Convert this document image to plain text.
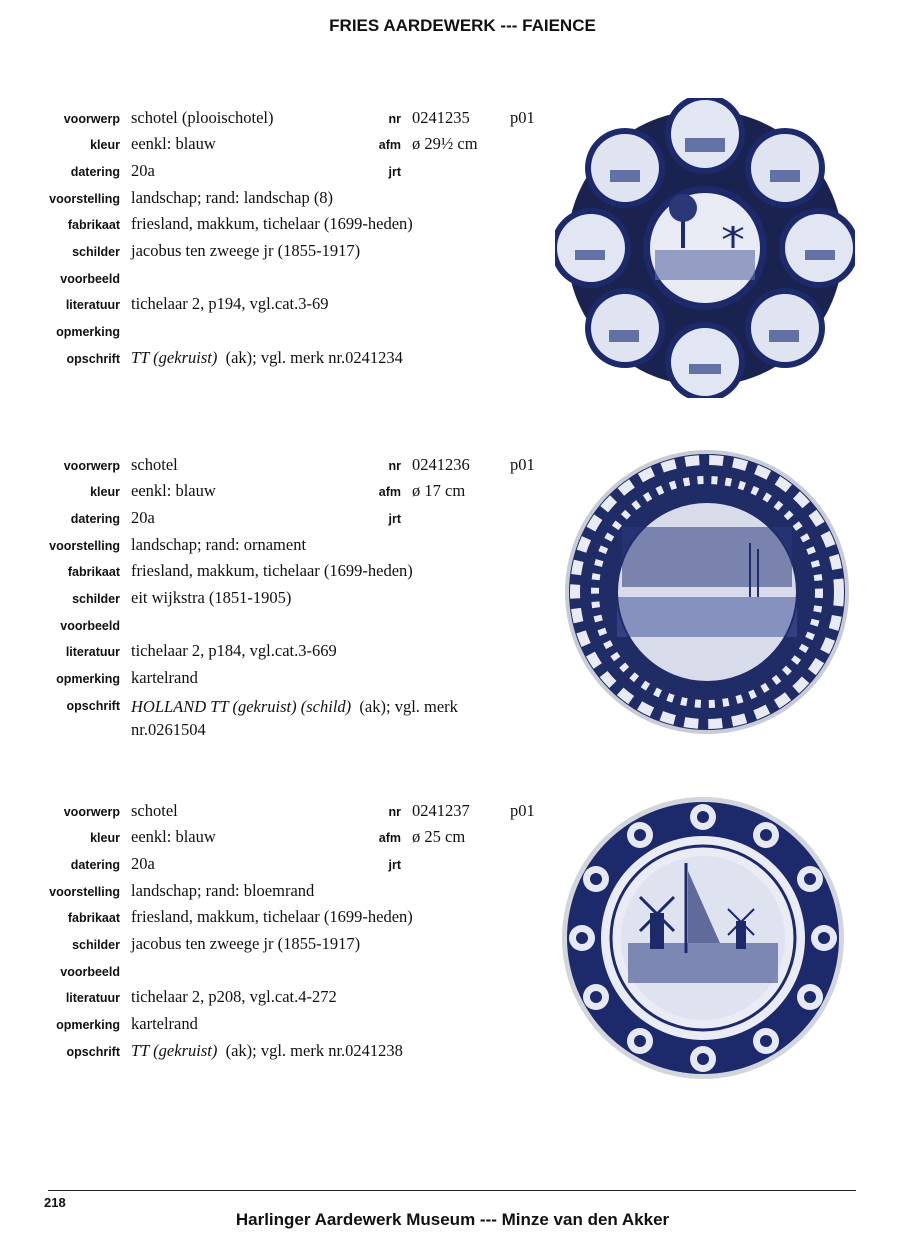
FRIES AARDEWERK --- FAIENCE
voorwerp schotel (plooischotel)	nr 0241235 p01
kleur eenkl: blauw	afm ø 29½ cm
datering 20a	jrt
voorstelling landschap; rand: landschap (8)
fabrikaat friesland, makkum, tichelaar (1699-heden)
schilder jacobus ten zweege jr (1855-1917)
voorbeeld
literatuur tichelaar 2, p194, vgl.cat.3-69
opmerking
opschrift TT (gekruist) (ak); vgl. merk nr.0241234
voorwerp schotel	nr 0241236 p01
kleur eenkl: blauw	afm ø 17 cm
datering 20a	jrt
voorstelling landschap; rand: ornament
fabrikaat friesland, makkum, tichelaar (1699-heden)
schilder eit wijkstra (1851-1905)
voorbeeld
literatuur tichelaar 2, p184, vgl.cat.3-669
opmerking kartelrand
opschrift HOLLAND TT (gekruist) (schild) (ak); vgl. merk nr.0261504
voorwerp schotel	nr 0241237 p01
kleur eenkl: blauw	afm ø 25 cm
datering 20a	jrt
voorstelling landschap; rand: bloemrand
fabrikaat friesland, makkum, tichelaar (1699-heden)
schilder jacobus ten zweege jr (1855-1917)
voorbeeld
literatuur tichelaar 2, p208, vgl.cat.4-272
opmerking kartelrand
opschrift TT (gekruist) (ak); vgl. merk nr.0241238
218
Harlinger Aardewerk Museum --- Minze van den Akker
